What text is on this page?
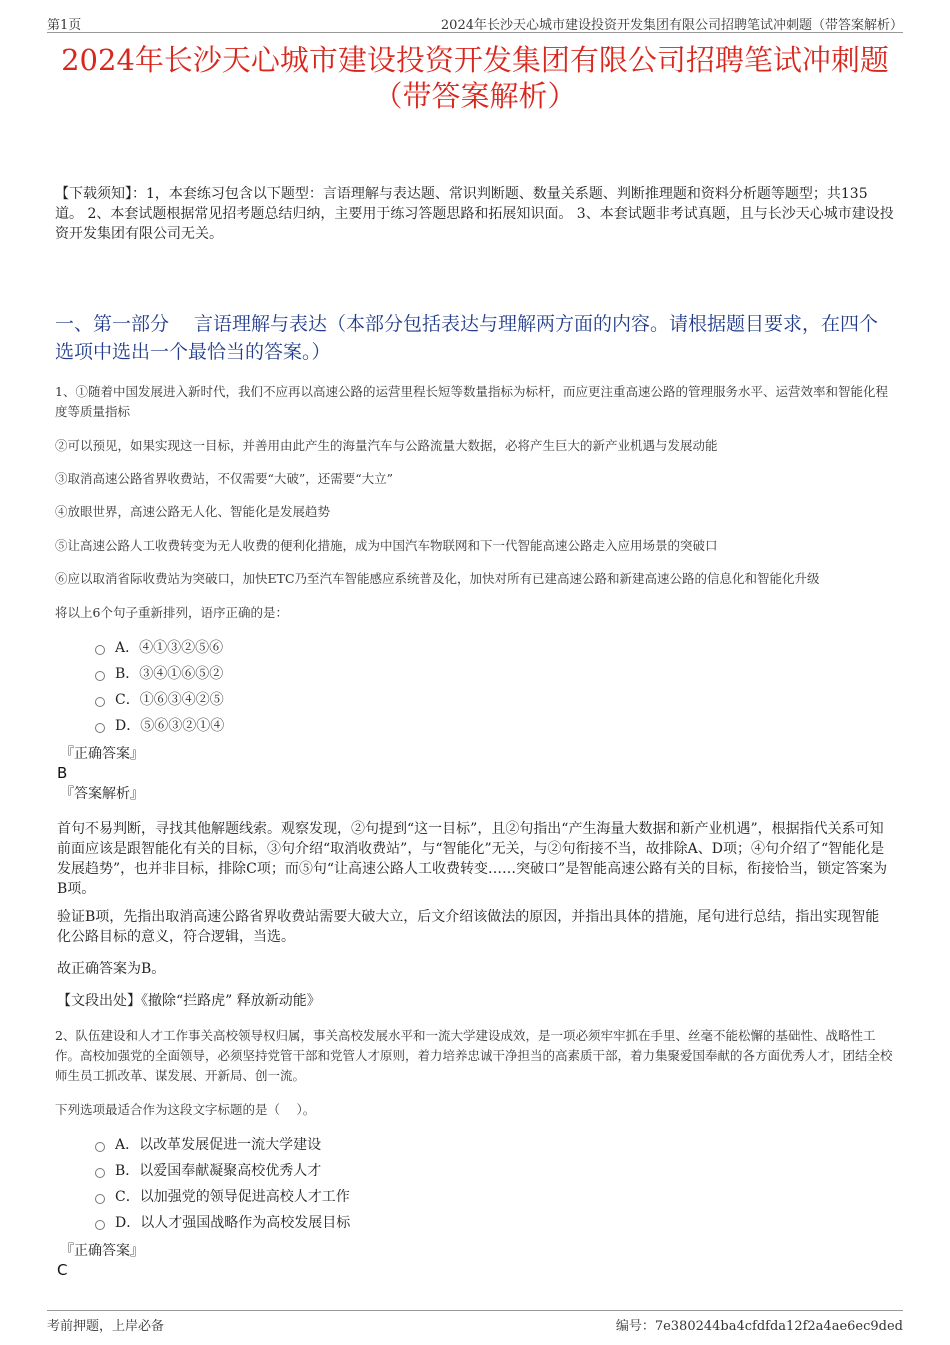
第1页	2024年长沙天心城市建设投资开发集团有限公司招聘笔试冲刺题（带答案解析）
2024年长沙天心城市建设投资开发集团有限公司招聘笔试冲刺题（带答案解析）
【下载须知】：1，本套练习包含以下题型：言语理解与表达题、常识判断题、数量关系题、判断推理题和资料分析题等题型；共135道。 2、本套试题根据常见招考题总结归纳，主要用于练习答题思路和拓展知识面。 3、本套试题非考试真题，且与长沙天心城市建设投资开发集团有限公司无关。
一、第一部分　 言语理解与表达（本部分包括表达与理解两方面的内容。请根据题目要求，在四个选项中选出一个最恰当的答案。）
1、①随着中国发展进入新时代，我们不应再以高速公路的运营里程长短等数量指标为标杆，而应更注重高速公路的管理服务水平、运营效率和智能化程度等质量指标
②可以预见，如果实现这一目标，并善用由此产生的海量汽车与公路流量大数据，必将产生巨大的新产业机遇与发展动能
③取消高速公路省界收费站，不仅需要“大破”，还需要“大立”
④放眼世界，高速公路无人化、智能化是发展趋势
⑤让高速公路人工收费转变为无人收费的便利化措施，成为中国汽车物联网和下一代智能高速公路走入应用场景的突破口
⑥应以取消省际收费站为突破口，加快ETC乃至汽车智能感应系统普及化，加快对所有已建高速公路和新建高速公路的信息化和智能化升级
将以上6个句子重新排列，语序正确的是：
A．④①③②⑤⑥
B．③④①⑥⑤②
C．①⑥③④②⑤
D．⑤⑥③②①④
『正确答案』
B
『答案解析』
首句不易判断，寻找其他解题线索。观察发现，②句提到“这一目标”，且②句指出“产生海量大数据和新产业机遇”，根据指代关系可知前面应该是跟智能化有关的目标，③句介绍“取消收费站”，与“智能化”无关，与②句衔接不当，故排除A、D项；④句介绍了“智能化是发展趋势”，也并非目标，排除C项；而⑤句“让高速公路人工收费转变……突破口”是智能高速公路有关的目标，衔接恰当，锁定答案为B项。
验证B项，先指出取消高速公路省界收费站需要大破大立，后文介绍该做法的原因，并指出具体的措施，尾句进行总结，指出实现智能化公路目标的意义，符合逻辑，当选。
故正确答案为B。
【文段出处】《撤除“拦路虎” 释放新动能》
2、队伍建设和人才工作事关高校领导权归属，事关高校发展水平和一流大学建设成效，是一项必须牢牢抓在手里、丝毫不能松懈的基础性、战略性工作。高校加强党的全面领导，必须坚持党管干部和党管人才原则，着力培养忠诚干净担当的高素质干部，着力集聚爱国奉献的各方面优秀人才，团结全校师生员工抓改革、谋发展、开新局、创一流。
下列选项最适合作为这段文字标题的是（　 ）。
A．以改革发展促进一流大学建设
B．以爱国奉献凝聚高校优秀人才
C．以加强党的领导促进高校人才工作
D．以人才强国战略作为高校发展目标
『正确答案』
C
考前押题，上岸必备	编号：7e380244ba4cfdfda12f2a4ae6ec9ded
